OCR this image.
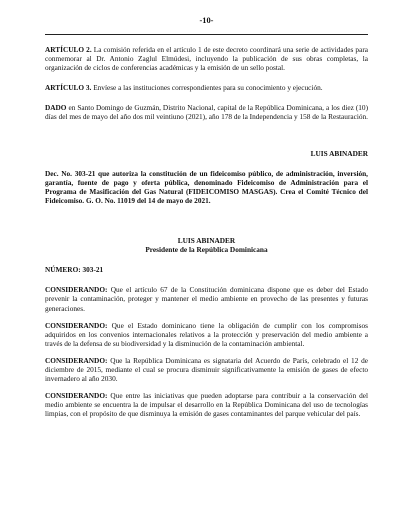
-10-

ARTÍCULO 2. La comisión referida en el artículo 1 de este decreto coordinará una serie de actividades para conmemorar al Dr. Antonio Zaglul Elmúdesi, incluyendo la publicación de sus obras completas, la organización de ciclos de conferencias académicas y la emisión de un sello postal.

ARTÍCULO 3. Envíese a las instituciones correspondientes para su conocimiento y ejecución.

DADO en Santo Domingo de Guzmán, Distrito Nacional, capital de la República Dominicana, a los diez (10) días del mes de mayo del año dos mil veintiuno (2021), año 178 de la Independencia y 158 de la Restauración.

LUIS ABINADER

Dec. No. 303-21 que autoriza la constitución de un fideicomiso público, de administración, inversión, garantía, fuente de pago y oferta pública, denominado Fideicomiso de Administración para el Programa de Masificación del Gas Natural (FIDEICOMISO MASGAS). Crea el Comité Técnico del Fideicomiso. G. O. No. 11019 del 14 de mayo de 2021.

LUIS ABINADER

Presidente de la República Dominicana

NÚMERO: 303-21

CONSIDERANDO: Que el artículo 67 de la Constitución dominicana dispone que es deber del Estado prevenir la contaminación, proteger y mantener el medio ambiente en provecho de las presentes y futuras generaciones.

CONSIDERANDO: Que el Estado dominicano tiene la obligación de cumplir con los compromisos adquiridos en los convenios internacionales relativos a la protección y preservación del medio ambiente a través de la defensa de su biodiversidad y la disminución de la contaminación ambiental.

CONSIDERANDO: Que la República Dominicana es signataria del Acuerdo de París, celebrado el 12 de diciembre de 2015, mediante el cual se procura disminuir significativamente la emisión de gases de efecto invernadero al año 2030.

CONSIDERANDO: Que entre las iniciativas que pueden adoptarse para contribuir a la conservación del medio ambiente se encuentra la de impulsar el desarrollo en la República Dominicana del uso de tecnologías limpias, con el propósito de que disminuya la emisión de gases contaminantes del parque vehicular del país.
